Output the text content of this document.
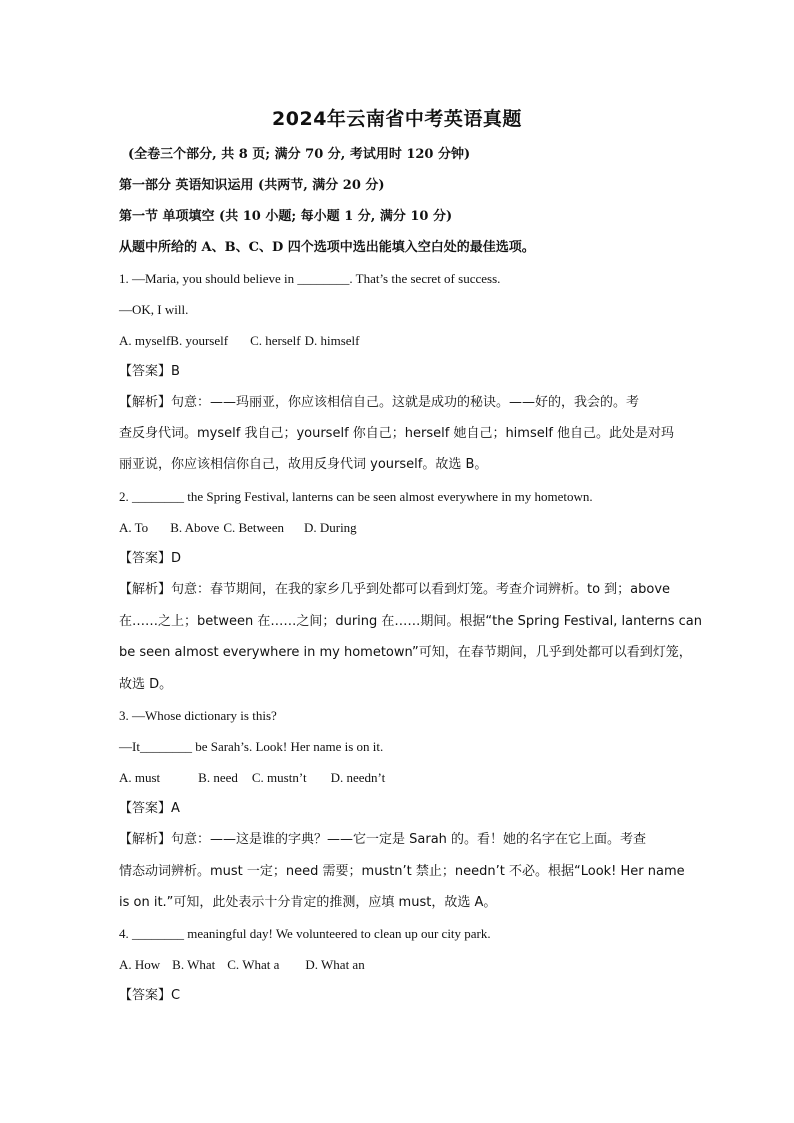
2024年云南省中考英语真题
(全卷三个部分, 共 8 页; 满分 70 分, 考试用时 120 分钟)
第一部分 英语知识运用 (共两节, 满分 20 分)
第一节 单项填空 (共 10 小题; 每小题 1 分, 满分 10 分)
从题中所给的 A、B、C、D 四个选项中选出能填入空白处的最佳选项。
1. —Maria, you should believe in ________. That’s the secret of success.
—OK, I will.
A. myselfB. yourself C. herself D. himself
【答案】B
【解析】句意：——玛丽亚，你应该相信自己。这就是成功的秘诀。——好的，我会的。考
查反身代词。myself 我自己；yourself 你自己；herself 她自己；himself 他自己。此处是对玛
丽亚说，你应该相信你自己，故用反身代词 yourself。故选 B。
2. ________ the Spring Festival, lanterns can be seen almost everywhere in my hometown.
A. To B. Above C. Between D. During
【答案】D
【解析】句意：春节期间，在我的家乡几乎到处都可以看到灯笼。考查介词辨析。to 到；above
在……之上；between 在……之间；during 在……期间。根据“the Spring Festival, lanterns can
be seen almost everywhere in my hometown”可知，在春节期间，几乎到处都可以看到灯笼，
故选 D。
3. —Whose dictionary is this?
—It________ be Sarah’s. Look! Her name is on it.
A. must	B. need C. mustn’t D. needn’t
【答案】A
【解析】句意：——这是谁的字典？——它一定是 Sarah 的。看！她的名字在它上面。考查
情态动词辨析。must 一定；need 需要；mustn’t 禁止；needn’t 不必。根据“Look! Her name
is on it.”可知，此处表示十分肯定的推测，应填 must，故选 A。
4. ________ meaningful day! We volunteered to clean up our city park.
A. How B. What C. What a D. What an
【答案】C
